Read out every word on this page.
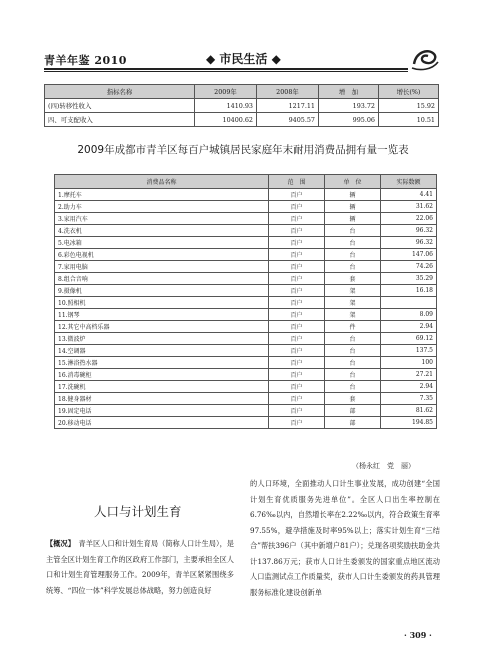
青羊年鉴 2010	◆ 市民生活 ◆
指标名称	2009年	2008年	增　加	增长(%)
(四)转移性收入	1410.93	1217.11	193.72	15.92
四、可支配收入	10400.62	9405.57	995.06	10.51
2009年成都市青羊区每百户城镇居民家庭年末耐用消费品拥有量一览表
消费品名称	范　围	单　位	实际数额
1.摩托车	百户	辆	4.41
2.助力车	百户	辆	31.62
3.家用汽车	百户	辆	22.06
4.洗衣机	百户	台	96.32
5.电冰箱	百户	台	96.32
6.彩色电视机	百户	台	147.06
7.家用电脑	百户	台	74.26
8.组合音响	百户	套	35.29
9.摄像机	百户	架	16.18
10.照相机	百户	架	
11.钢琴	百户	架	8.09
12.其它中高档乐器	百户	件	2.94
13.微波炉	百户	台	69.12
14.空调器	百户	台	137.5
15.淋浴热水器	百户	台	100
16.消毒碗柜	百户	台	27.21
17.洗碗机	百户	台	2.94
18.健身器材	百户	套	7.35
19.固定电话	百户	部	81.62
20.移动电话	百户	部	194.85
（杨永红　党　丽）
人口与计划生育
【概况】　青羊区人口和计划生育局（简称人口计生局），是主管全区计划生育工作的区政府工作部门，主要承担全区人口和计划生育管理服务工作。2009年，青羊区紧紧围绕多统筹、“四位一体”科学发展总体战略，努力创造良好
的人口环境，全面推动人口计生事业发展，成功创建“全国计划生育优质服务先进单位”。全区人口出生率控制在6.76‰以内，自然增长率在2.22‰以内，符合政策生育率97.55%，避孕措施及时率95%以上；落实计划生育“三结合”帮扶396户（其中新增户81户）；兑现各项奖励扶助金共计137.86万元；获市人口计生委颁发的国家重点地区流动人口监测试点工作质量奖，获市人口计生委颁发的药具管理服务标准化建设创新单
· 309 ·
